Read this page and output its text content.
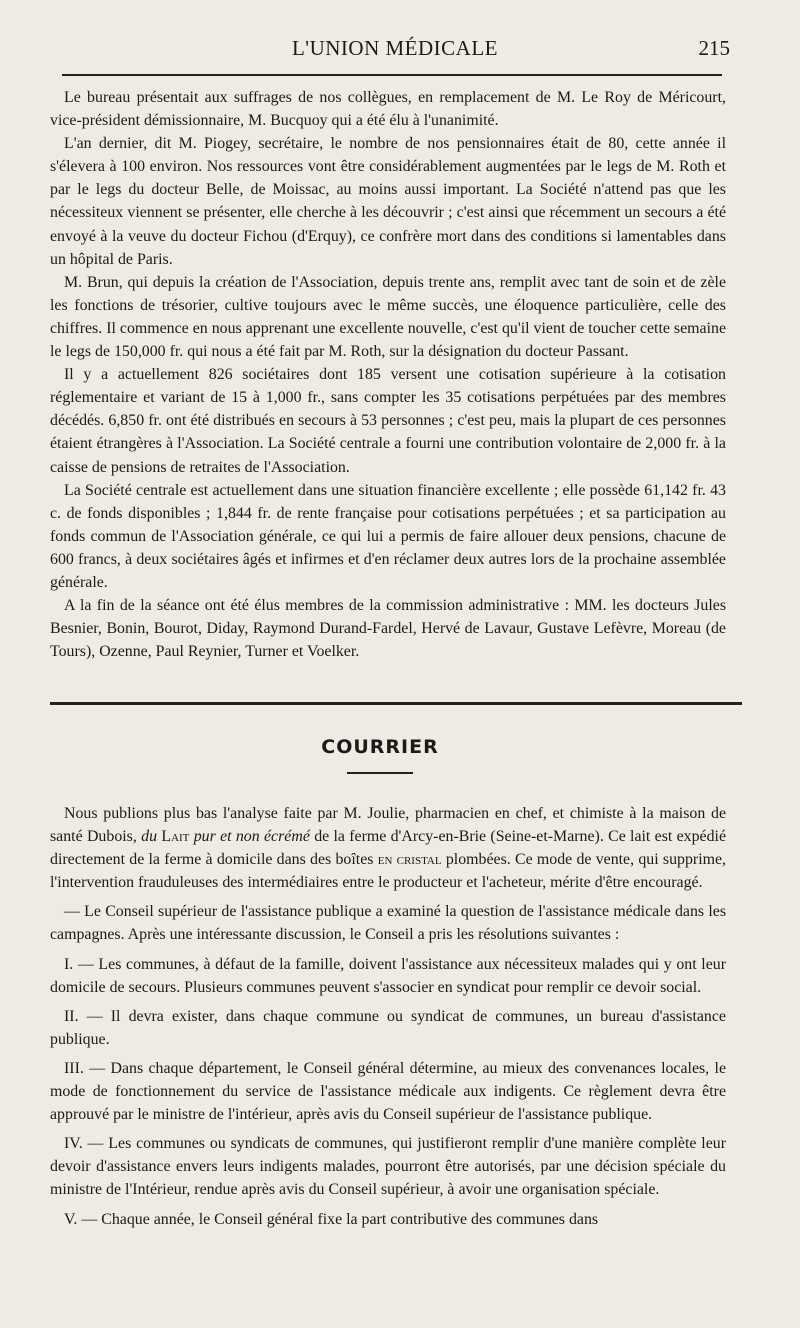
L'UNION MÉDICALE	215

Le bureau présentait aux suffrages de nos collègues, en remplacement de M. Le Roy de Méricourt, vice-président démissionnaire, M. Bucquoy qui a été élu à l'unanimité.

L'an dernier, dit M. Piogey, secrétaire, le nombre de nos pensionnaires était de 80, cette année il s'élevera à 100 environ. Nos ressources vont être considérablement augmentées par le legs de M. Roth et par le legs du docteur Belle, de Moissac, au moins aussi important. La Société n'attend pas que les nécessiteux viennent se présenter, elle cherche à les découvrir ; c'est ainsi que récemment un secours a été envoyé à la veuve du docteur Fichou (d'Erquy), ce confrère mort dans des conditions si lamentables dans un hôpital de Paris.

M. Brun, qui depuis la création de l'Association, depuis trente ans, remplit avec tant de soin et de zèle les fonctions de trésorier, cultive toujours avec le même succès, une éloquence particulière, celle des chiffres. Il commence en nous apprenant une excellente nouvelle, c'est qu'il vient de toucher cette semaine le legs de 150,000 fr. qui nous a été fait par M. Roth, sur la désignation du docteur Passant.

Il y a actuellement 826 sociétaires dont 185 versent une cotisation supérieure à la cotisation réglementaire et variant de 15 à 1,000 fr., sans compter les 35 cotisations perpétuées par des membres décédés. 6,850 fr. ont été distribués en secours à 53 personnes ; c'est peu, mais la plupart de ces personnes étaient étrangères à l'Association. La Société centrale a fourni une contribution volontaire de 2,000 fr. à la caisse de pensions de retraites de l'Association.

La Société centrale est actuellement dans une situation financière excellente ; elle possède 61,142 fr. 43 c. de fonds disponibles ; 1,844 fr. de rente française pour cotisations perpétuées ; et sa participation au fonds commun de l'Association générale, ce qui lui a permis de faire allouer deux pensions, chacune de 600 francs, à deux sociétaires âgés et infirmes et d'en réclamer deux autres lors de la prochaine assemblée générale.

A la fin de la séance ont été élus membres de la commission administrative : MM. les docteurs Jules Besnier, Bonin, Bourot, Diday, Raymond Durand-Fardel, Hervé de Lavaur, Gustave Lefèvre, Moreau (de Tours), Ozenne, Paul Reynier, Turner et Voelker.

COURRIER

Nous publions plus bas l'analyse faite par M. Joulie, pharmacien en chef, et chimiste à la maison de santé Dubois, du Lait pur et non écrémé de la ferme d'Arcy-en-Brie (Seine-et-Marne). Ce lait est expédié directement de la ferme à domicile dans des boîtes en cristal plombées. Ce mode de vente, qui supprime, l'intervention frauduleuses des intermédiaires entre le producteur et l'acheteur, mérite d'être encouragé.

— Le Conseil supérieur de l'assistance publique a examiné la question de l'assistance médicale dans les campagnes. Après une intéressante discussion, le Conseil a pris les résolutions suivantes :

I. — Les communes, à défaut de la famille, doivent l'assistance aux nécessiteux malades qui y ont leur domicile de secours. Plusieurs communes peuvent s'associer en syndicat pour remplir ce devoir social.

II. — Il devra exister, dans chaque commune ou syndicat de communes, un bureau d'assistance publique.

III. — Dans chaque département, le Conseil général détermine, au mieux des convenances locales, le mode de fonctionnement du service de l'assistance médicale aux indigents. Ce règlement devra être approuvé par le ministre de l'intérieur, après avis du Conseil supérieur de l'assistance publique.

IV. — Les communes ou syndicats de communes, qui justifieront remplir d'une manière complète leur devoir d'assistance envers leurs indigents malades, pourront être autorisés, par une décision spéciale du ministre de l'Intérieur, rendue après avis du Conseil supérieur, à avoir une organisation spéciale.

V. — Chaque année, le Conseil général fixe la part contributive des communes dans
